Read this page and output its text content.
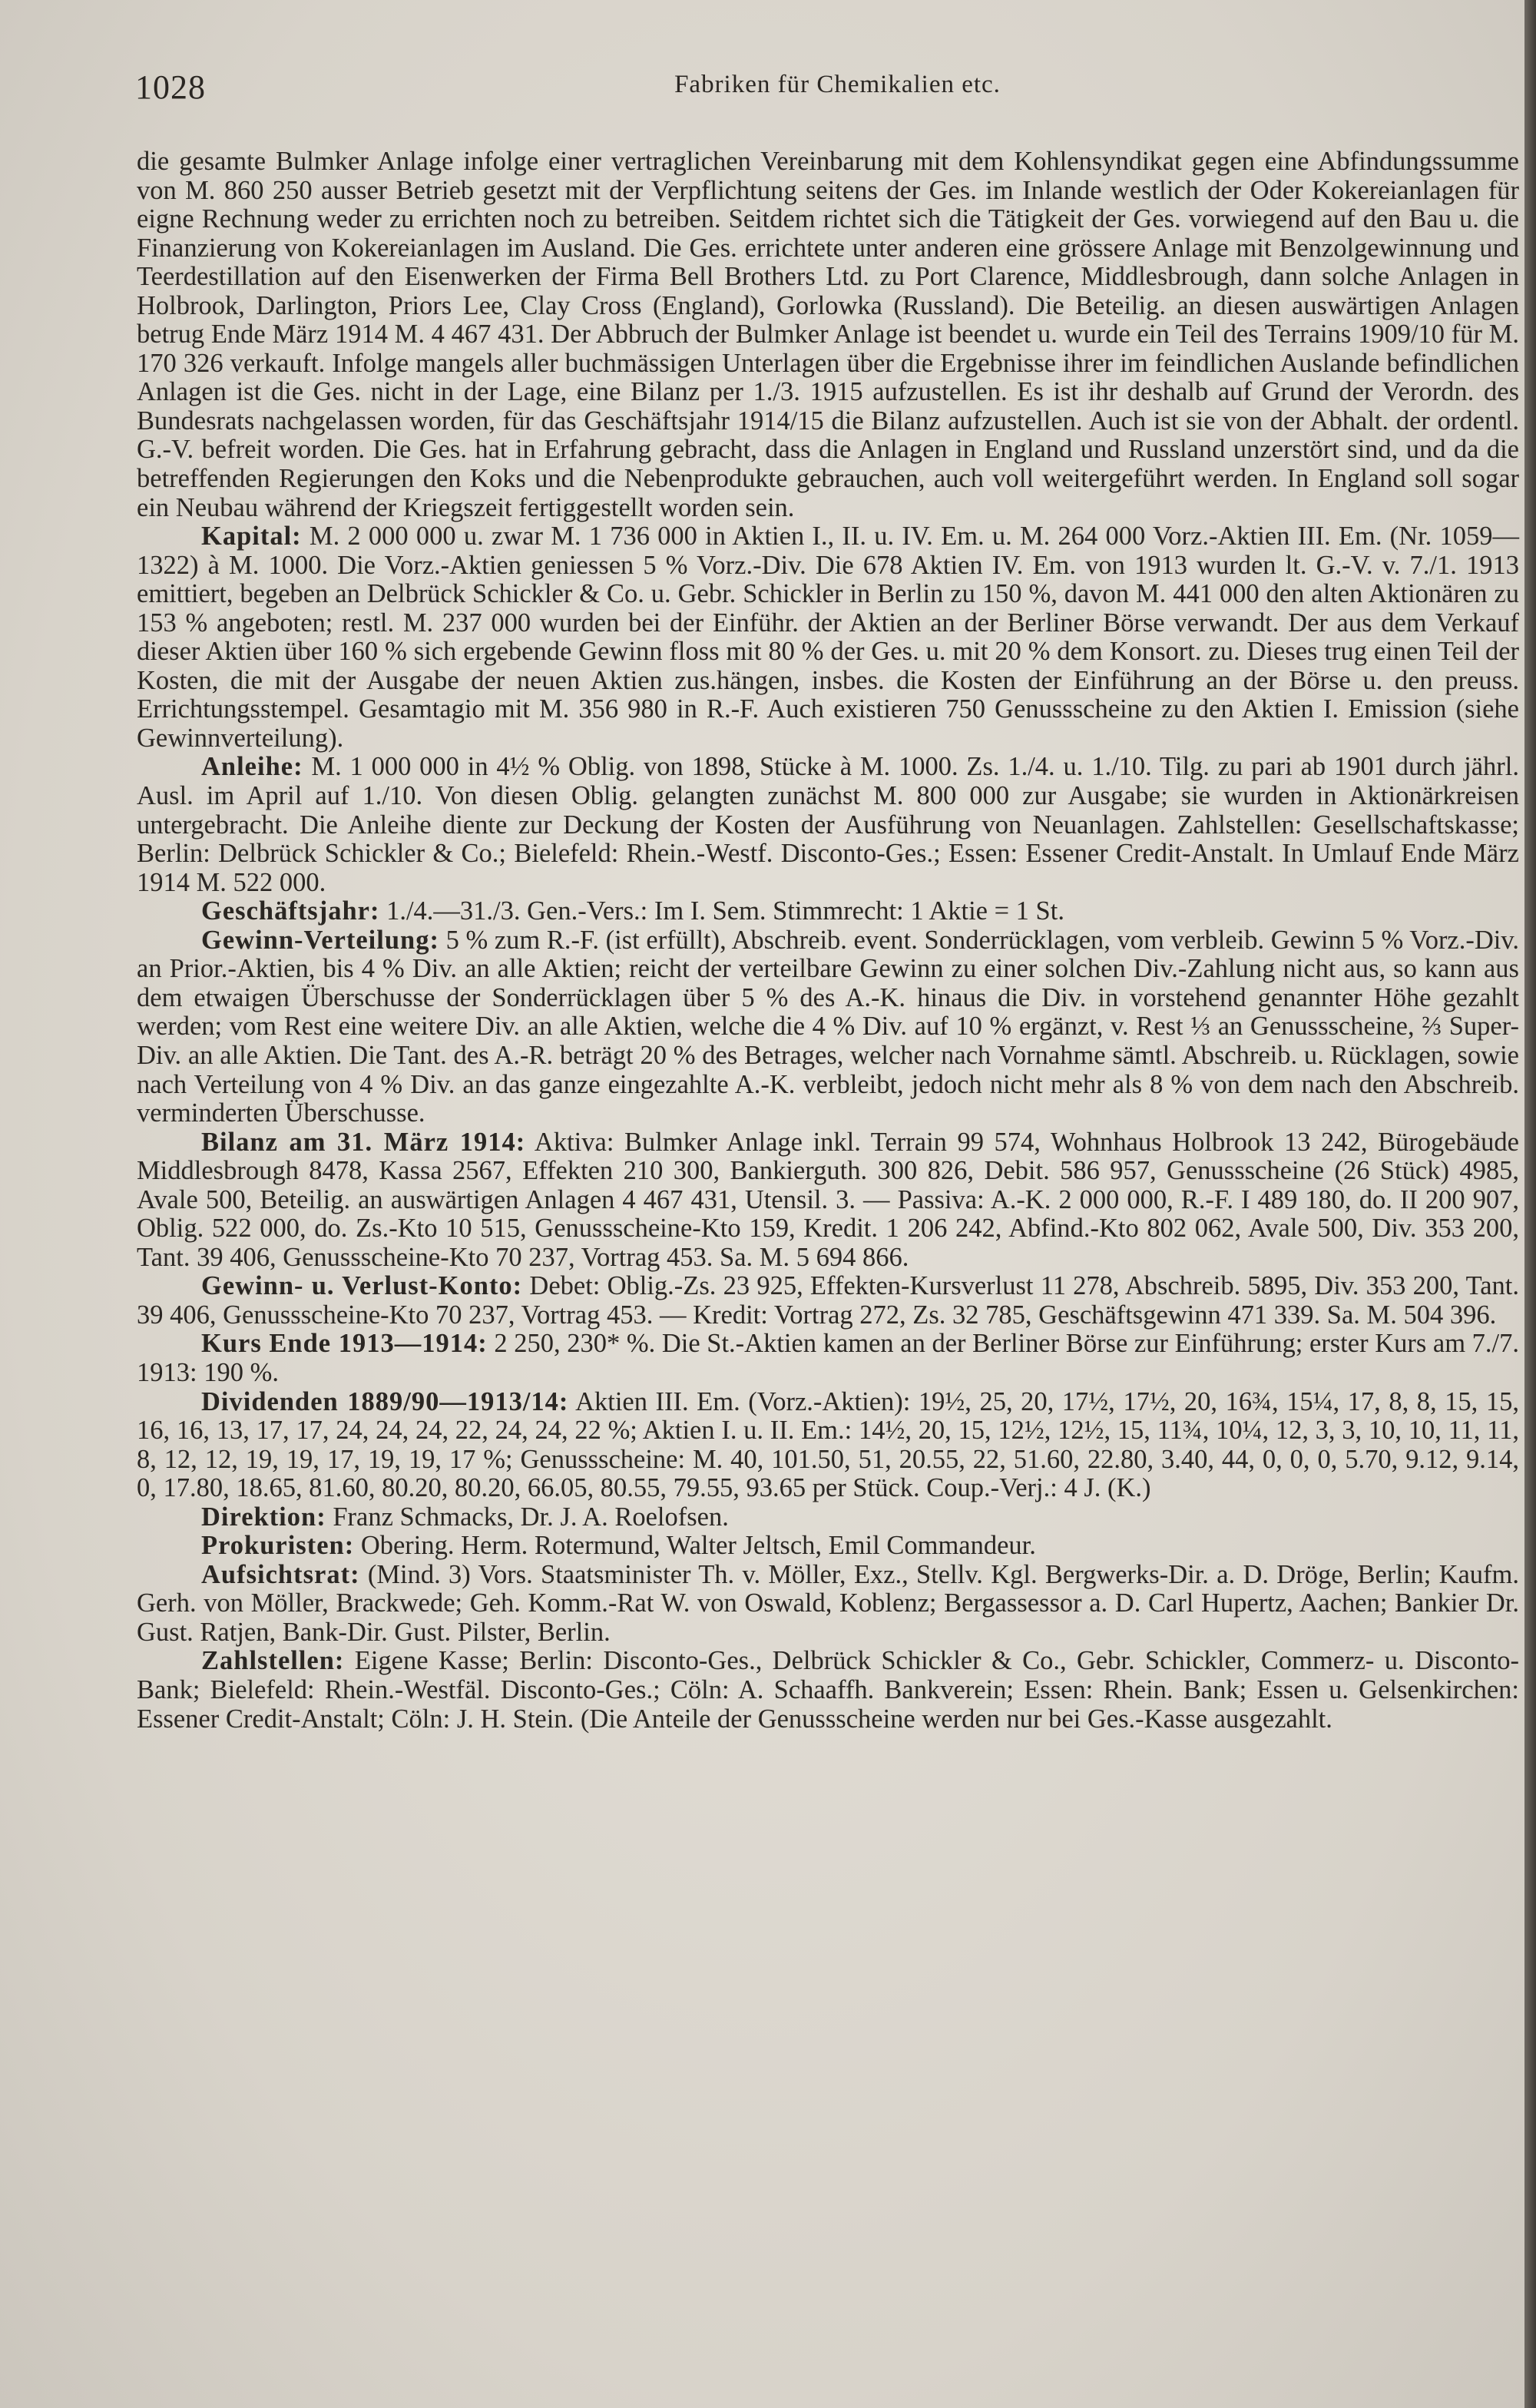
1028	Fabriken für Chemikalien etc.

die gesamte Bulmker Anlage infolge einer vertraglichen Vereinbarung mit dem Kohlensyndikat gegen eine Abfindungssumme von M. 860 250 ausser Betrieb gesetzt mit der Verpflichtung seitens der Ges. im Inlande westlich der Oder Kokereianlagen für eigne Rechnung weder zu errichten noch zu betreiben. Seitdem richtet sich die Tätigkeit der Ges. vorwiegend auf den Bau u. die Finanzierung von Kokereianlagen im Ausland. Die Ges. errichtete unter anderen eine grössere Anlage mit Benzolgewinnung und Teerdestillation auf den Eisenwerken der Firma Bell Brothers Ltd. zu Port Clarence, Middlesbrough, dann solche Anlagen in Holbrook, Darlington, Priors Lee, Clay Cross (England), Gorlowka (Russland). Die Beteilig. an diesen auswärtigen Anlagen betrug Ende März 1914 M. 4 467 431. Der Abbruch der Bulmker Anlage ist beendet u. wurde ein Teil des Terrains 1909/10 für M. 170 326 verkauft. Infolge mangels aller buchmässigen Unterlagen über die Ergebnisse ihrer im feindlichen Auslande befindlichen Anlagen ist die Ges. nicht in der Lage, eine Bilanz per 1./3. 1915 aufzustellen. Es ist ihr deshalb auf Grund der Verordn. des Bundesrats nachgelassen worden, für das Geschäftsjahr 1914/15 die Bilanz aufzustellen. Auch ist sie von der Abhalt. der ordentl. G.-V. befreit worden. Die Ges. hat in Erfahrung gebracht, dass die Anlagen in England und Russland unzerstört sind, und da die betreffenden Regierungen den Koks und die Nebenprodukte gebrauchen, auch voll weitergeführt werden. In England soll sogar ein Neubau während der Kriegszeit fertiggestellt worden sein.

Kapital: M. 2 000 000 u. zwar M. 1 736 000 in Aktien I., II. u. IV. Em. u. M. 264 000 Vorz.-Aktien III. Em. (Nr. 1059—1322) à M. 1000. Die Vorz.-Aktien geniessen 5 % Vorz.-Div. Die 678 Aktien IV. Em. von 1913 wurden lt. G.-V. v. 7./1. 1913 emittiert, begeben an Delbrück Schickler & Co. u. Gebr. Schickler in Berlin zu 150 %, davon M. 441 000 den alten Aktionären zu 153 % angeboten; restl. M. 237 000 wurden bei der Einführ. der Aktien an der Berliner Börse verwandt. Der aus dem Verkauf dieser Aktien über 160 % sich ergebende Gewinn floss mit 80 % der Ges. u. mit 20 % dem Konsort. zu. Dieses trug einen Teil der Kosten, die mit der Ausgabe der neuen Aktien zus.hängen, insbes. die Kosten der Einführung an der Börse u. den preuss. Errichtungsstempel. Gesamtagio mit M. 356 980 in R.-F. Auch existieren 750 Genussscheine zu den Aktien I. Emission (siehe Gewinnverteilung).

Anleihe: M. 1 000 000 in 4½ % Oblig. von 1898, Stücke à M. 1000. Zs. 1./4. u. 1./10. Tilg. zu pari ab 1901 durch jährl. Ausl. im April auf 1./10. Von diesen Oblig. gelangten zunächst M. 800 000 zur Ausgabe; sie wurden in Aktionärkreisen untergebracht. Die Anleihe diente zur Deckung der Kosten der Ausführung von Neuanlagen. Zahlstellen: Gesellschaftskasse; Berlin: Delbrück Schickler & Co.; Bielefeld: Rhein.-Westf. Disconto-Ges.; Essen: Essener Credit-Anstalt. In Umlauf Ende März 1914 M. 522 000.

Geschäftsjahr: 1./4.—31./3. Gen.-Vers.: Im I. Sem. Stimmrecht: 1 Aktie = 1 St.

Gewinn-Verteilung: 5 % zum R.-F. (ist erfüllt), Abschreib. event. Sonderrücklagen, vom verbleib. Gewinn 5 % Vorz.-Div. an Prior.-Aktien, bis 4 % Div. an alle Aktien; reicht der verteilbare Gewinn zu einer solchen Div.-Zahlung nicht aus, so kann aus dem etwaigen Überschusse der Sonderrücklagen über 5 % des A.-K. hinaus die Div. in vorstehend genannter Höhe gezahlt werden; vom Rest eine weitere Div. an alle Aktien, welche die 4 % Div. auf 10 % ergänzt, v. Rest ⅓ an Genussscheine, ⅔ Super-Div. an alle Aktien. Die Tant. des A.-R. beträgt 20 % des Betrages, welcher nach Vornahme sämtl. Abschreib. u. Rücklagen, sowie nach Verteilung von 4 % Div. an das ganze eingezahlte A.-K. verbleibt, jedoch nicht mehr als 8 % von dem nach den Abschreib. verminderten Überschusse.

Bilanz am 31. März 1914: Aktiva: Bulmker Anlage inkl. Terrain 99 574, Wohnhaus Holbrook 13 242, Bürogebäude Middlesbrough 8478, Kassa 2567, Effekten 210 300, Bankierguth. 300 826, Debit. 586 957, Genussscheine (26 Stück) 4985, Avale 500, Beteilig. an auswärtigen Anlagen 4 467 431, Utensil. 3. — Passiva: A.-K. 2 000 000, R.-F. I 489 180, do. II 200 907, Oblig. 522 000, do. Zs.-Kto 10 515, Genussscheine-Kto 159, Kredit. 1 206 242, Abfind.-Kto 802 062, Avale 500, Div. 353 200, Tant. 39 406, Genussscheine-Kto 70 237, Vortrag 453. Sa. M. 5 694 866.

Gewinn- u. Verlust-Konto: Debet: Oblig.-Zs. 23 925, Effekten-Kursverlust 11 278, Abschreib. 5895, Div. 353 200, Tant. 39 406, Genussscheine-Kto 70 237, Vortrag 453. — Kredit: Vortrag 272, Zs. 32 785, Geschäftsgewinn 471 339. Sa. M. 504 396.

Kurs Ende 1913—1914: 2 250, 230* %. Die St.-Aktien kamen an der Berliner Börse zur Einführung; erster Kurs am 7./7. 1913: 190 %.

Dividenden 1889/90—1913/14: Aktien III. Em. (Vorz.-Aktien): 19½, 25, 20, 17½, 17½, 20, 16¾, 15¼, 17, 8, 8, 15, 15, 16, 16, 13, 17, 17, 24, 24, 24, 22, 24, 24, 22 %; Aktien I. u. II. Em.: 14½, 20, 15, 12½, 12½, 15, 11¾, 10¼, 12, 3, 3, 10, 10, 11, 11, 8, 12, 12, 19, 19, 17, 19, 19, 17 %; Genussscheine: M. 40, 101.50, 51, 20.55, 22, 51.60, 22.80, 3.40, 44, 0, 0, 0, 5.70, 9.12, 9.14, 0, 17.80, 18.65, 81.60, 80.20, 80.20, 66.05, 80.55, 79.55, 93.65 per Stück. Coup.-Verj.: 4 J. (K.)

Direktion: Franz Schmacks, Dr. J. A. Roelofsen.

Prokuristen: Obering. Herm. Rotermund, Walter Jeltsch, Emil Commandeur.

Aufsichtsrat: (Mind. 3) Vors. Staatsminister Th. v. Möller, Exz., Stellv. Kgl. Bergwerks-Dir. a. D. Dröge, Berlin; Kaufm. Gerh. von Möller, Brackwede; Geh. Komm.-Rat W. von Oswald, Koblenz; Bergassessor a. D. Carl Hupertz, Aachen; Bankier Dr. Gust. Ratjen, Bank-Dir. Gust. Pilster, Berlin.

Zahlstellen: Eigene Kasse; Berlin: Disconto-Ges., Delbrück Schickler & Co., Gebr. Schickler, Commerz- u. Disconto-Bank; Bielefeld: Rhein.-Westfäl. Disconto-Ges.; Cöln: A. Schaaffh. Bankverein; Essen: Rhein. Bank; Essen u. Gelsenkirchen: Essener Credit-Anstalt; Cöln: J. H. Stein. (Die Anteile der Genussscheine werden nur bei Ges.-Kasse ausgezahlt.
